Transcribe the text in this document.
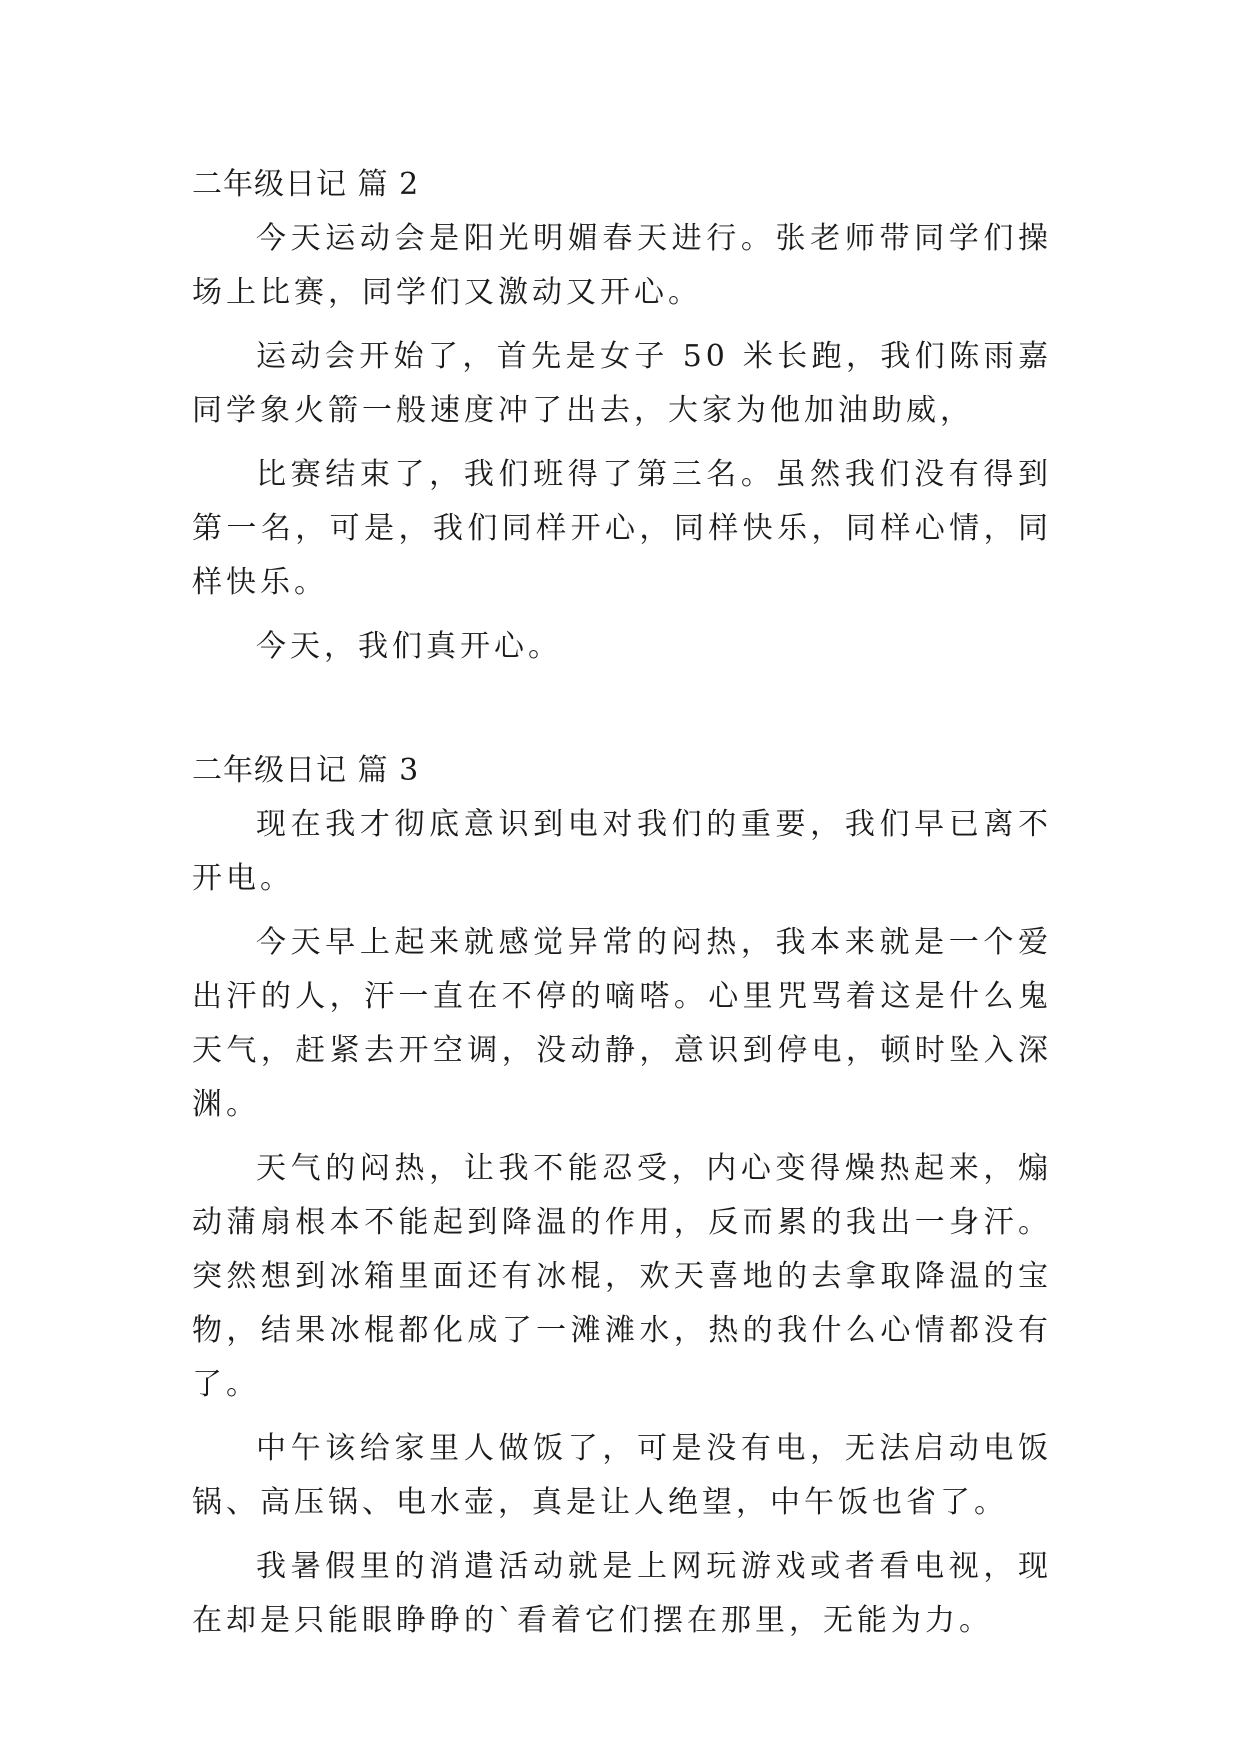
二年级日记 篇 2

今天运动会是阳光明媚春天进行。张老师带同学们操场上比赛，同学们又激动又开心。

运动会开始了，首先是女子 50 米长跑，我们陈雨嘉同学象火箭一般速度冲了出去，大家为他加油助威，

比赛结束了，我们班得了第三名。虽然我们没有得到第一名，可是，我们同样开心，同样快乐，同样心情，同样快乐。

今天，我们真开心。

二年级日记 篇 3

现在我才彻底意识到电对我们的重要，我们早已离不开电。

今天早上起来就感觉异常的闷热，我本来就是一个爱出汗的人，汗一直在不停的嘀嗒。心里咒骂着这是什么鬼天气，赶紧去开空调，没动静，意识到停电，顿时坠入深渊。

天气的闷热，让我不能忍受，内心变得燥热起来，煽动蒲扇根本不能起到降温的作用，反而累的我出一身汗。突然想到冰箱里面还有冰棍，欢天喜地的去拿取降温的宝物，结果冰棍都化成了一滩滩水，热的我什么心情都没有了。

中午该给家里人做饭了，可是没有电，无法启动电饭锅、高压锅、电水壶，真是让人绝望，中午饭也省了。

我暑假里的消遣活动就是上网玩游戏或者看电视，现在却是只能眼睁睁的`看着它们摆在那里，无能为力。
